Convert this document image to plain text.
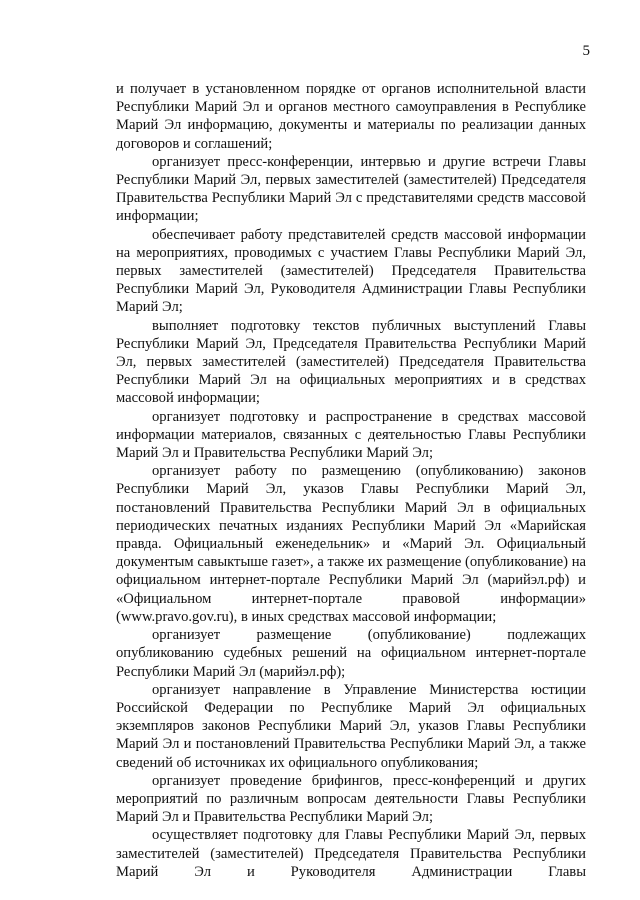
5

и получает в установленном порядке от органов исполнительной власти Республики Марий Эл и органов местного самоуправления в Республике Марий Эл информацию, документы и материалы по реализации данных договоров и соглашений;

организует пресс-конференции, интервью и другие встречи Главы Республики Марий Эл, первых заместителей (заместителей) Председателя Правительства Республики Марий Эл с представителями средств массовой информации;

обеспечивает работу представителей средств массовой информации на мероприятиях, проводимых с участием Главы Республики Марий Эл, первых заместителей (заместителей) Председателя Правительства Республики Марий Эл, Руководителя Администрации Главы Республики Марий Эл;

выполняет подготовку текстов публичных выступлений Главы Республики Марий Эл, Председателя Правительства Республики Марий Эл, первых заместителей (заместителей) Председателя Правительства Республики Марий Эл на официальных мероприятиях и в средствах массовой информации;

организует подготовку и распространение в средствах массовой информации материалов, связанных с деятельностью Главы Республики Марий Эл и Правительства Республики Марий Эл;

организует работу по размещению (опубликованию) законов Республики Марий Эл, указов Главы Республики Марий Эл, постановлений Правительства Республики Марий Эл в официальных периодических печатных изданиях Республики Марий Эл «Марийская правда. Официальный еженедельник» и «Марий Эл. Официальный документым савыктыше газет», а также их размещение (опубликование) на официальном интернет-портале Республики Марий Эл (марийэл.рф) и «Официальном интернет-портале правовой информации» (www.pravo.gov.ru), в иных средствах массовой информации;

организует размещение (опубликование) подлежащих опубликованию судебных решений на официальном интернет-портале Республики Марий Эл (марийэл.рф);

организует направление в Управление Министерства юстиции Российской Федерации по Республике Марий Эл официальных экземпляров законов Республики Марий Эл, указов Главы Республики Марий Эл и постановлений Правительства Республики Марий Эл, а также сведений об источниках их официального опубликования;

организует проведение брифингов, пресс-конференций и других мероприятий по различным вопросам деятельности Главы Республики Марий Эл и Правительства Республики Марий Эл;

осуществляет подготовку для Главы Республики Марий Эл, первых заместителей (заместителей) Председателя Правительства Республики Марий Эл и Руководителя Администрации Главы
